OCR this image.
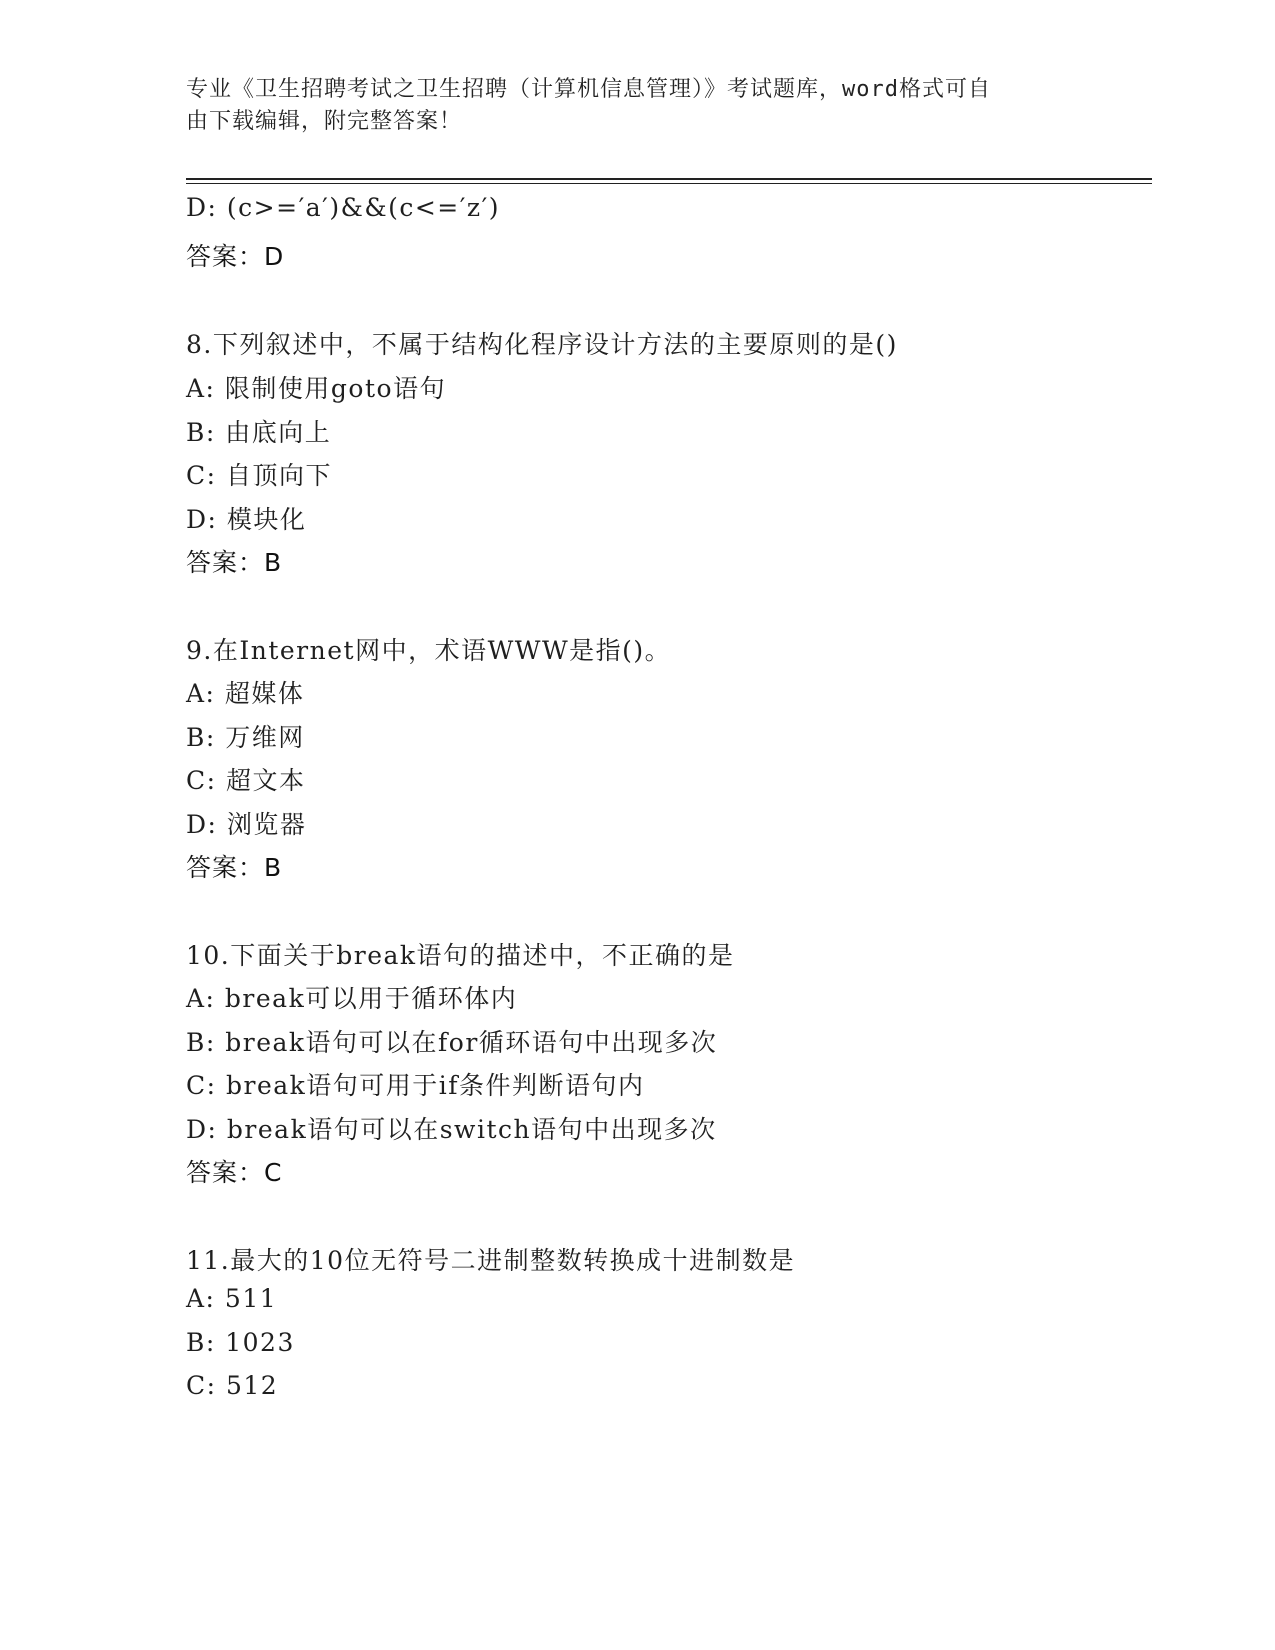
专业《卫生招聘考试之卫生招聘（计算机信息管理）》考试题库，word格式可自
由下载编辑，附完整答案！
D: (c>=′a′)&&(c<=′z′)
答案：D
8.下列叙述中，不属于结构化程序设计方法的主要原则的是()
A: 限制使用goto语句
B: 由底向上
C: 自顶向下
D: 模块化
答案：B
9.在Internet网中，术语WWW是指()。
A: 超媒体
B: 万维网
C: 超文本
D: 浏览器
答案：B
10.下面关于break语句的描述中，不正确的是
A: break可以用于循环体内
B: break语句可以在for循环语句中出现多次
C: break语句可用于if条件判断语句内
D: break语句可以在switch语句中出现多次
答案：C
11.最大的10位无符号二进制整数转换成十进制数是
A: 511
B: 1023
C: 512
